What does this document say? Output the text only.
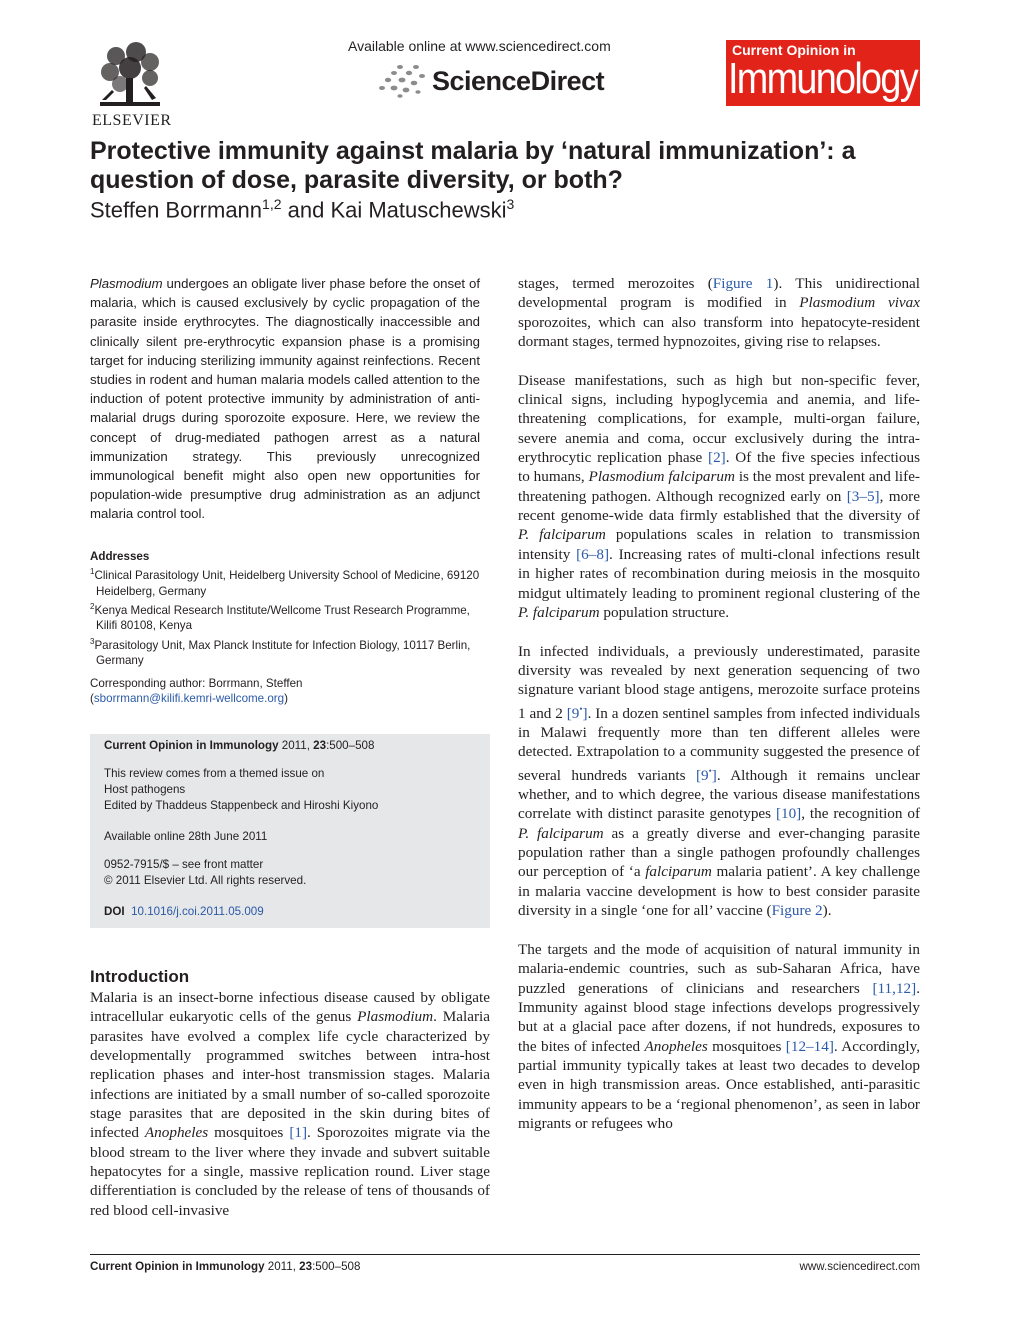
ELSEVIER
Available online at www.sciencedirect.com
ScienceDirect
Current Opinion in
Immunology
Protective immunity against malaria by ‘natural immunization’: a question of dose, parasite diversity, or both?
Steffen Borrmann$^{1,2}$ and Kai Matuschewski$^3$
Plasmodium undergoes an obligate liver phase before the onset of malaria, which is caused exclusively by cyclic propagation of the parasite inside erythrocytes. The diagnostically inaccessible and clinically silent pre-erythrocytic expansion phase is a promising target for inducing sterilizing immunity against reinfections. Recent studies in rodent and human malaria models called attention to the induction of potent protective immunity by administration of anti-malarial drugs during sporozoite exposure. Here, we review the concept of drug-mediated pathogen arrest as a natural immunization strategy. This previously unrecognized immunological benefit might also open new opportunities for population-wide presumptive drug administration as an adjunct malaria control tool.
Addresses
$^1$Clinical Parasitology Unit, Heidelberg University School of Medicine, 69120 Heidelberg, Germany
$^2$Kenya Medical Research Institute/Wellcome Trust Research Programme, Kilifi 80108, Kenya
$^3$Parasitology Unit, Max Planck Institute for Infection Biology, 10117 Berlin, Germany
Corresponding author: Borrmann, Steffen
(sborrmann@kilifi.kemri-wellcome.org)
Current Opinion in Immunology 2011, 23:500–508
This review comes from a themed issue on
Host pathogens
Edited by Thaddeus Stappenbeck and Hiroshi Kiyono
Available online 28th June 2011
0952-7915/$ – see front matter
© 2011 Elsevier Ltd. All rights reserved.
DOI 10.1016/j.coi.2011.05.009
Introduction
Malaria is an insect-borne infectious disease caused by obligate intracellular eukaryotic cells of the genus Plasmodium. Malaria parasites have evolved a complex life cycle characterized by developmentally programmed switches between intra-host replication phases and inter-host transmission stages. Malaria infections are initiated by a small number of so-called sporozoite stage parasites that are deposited in the skin during bites of infected Anopheles mosquitoes [1]. Sporozoites migrate via the blood stream to the liver where they invade and subvert suitable hepatocytes for a single, massive replication round. Liver stage differentiation is concluded by the release of tens of thousands of red blood cell-invasive

stages, termed merozoites (Figure 1). This unidirectional developmental program is modified in Plasmodium vivax sporozoites, which can also transform into hepatocyte-resident dormant stages, termed hypnozoites, giving rise to relapses.

Disease manifestations, such as high but non-specific fever, clinical signs, including hypoglycemia and anemia, and life-threatening complications, for example, multi-organ failure, severe anemia and coma, occur exclusively during the intra-erythrocytic replication phase [2]. Of the five species infectious to humans, Plasmodium falciparum is the most prevalent and life-threatening pathogen. Although recognized early on [3–5], more recent genome-wide data firmly established that the diversity of P. falciparum populations scales in relation to transmission intensity [6–8]. Increasing rates of multi-clonal infections result in higher rates of recombination during meiosis in the mosquito midgut ultimately leading to prominent regional clustering of the P. falciparum population structure.

In infected individuals, a previously underestimated, parasite diversity was revealed by next generation sequencing of two signature variant blood stage antigens, merozoite surface proteins 1 and 2 [9•]. In a dozen sentinel samples from infected individuals in Malawi frequently more than ten different alleles were detected. Extrapolation to a community suggested the presence of several hundreds variants [9•]. Although it remains unclear whether, and to which degree, the various disease manifestations correlate with distinct parasite genotypes [10], the recognition of P. falciparum as a greatly diverse and ever-changing parasite population rather than a single pathogen profoundly challenges our perception of ‘a falciparum malaria patient’. A key challenge in malaria vaccine development is how to best consider parasite diversity in a single ‘one for all’ vaccine (Figure 2).

The targets and the mode of acquisition of natural immunity in malaria-endemic countries, such as sub-Saharan Africa, have puzzled generations of clinicians and researchers [11,12]. Immunity against blood stage infections develops progressively but at a glacial pace after dozens, if not hundreds, exposures to the bites of infected Anopheles mosquitoes [12–14]. Accordingly, partial immunity typically takes at least two decades to develop even in high transmission areas. Once established, anti-parasitic immunity appears to be a ‘regional phenomenon’, as seen in labor migrants or refugees who

Current Opinion in Immunology 2011, 23:500–508	www.sciencedirect.com
